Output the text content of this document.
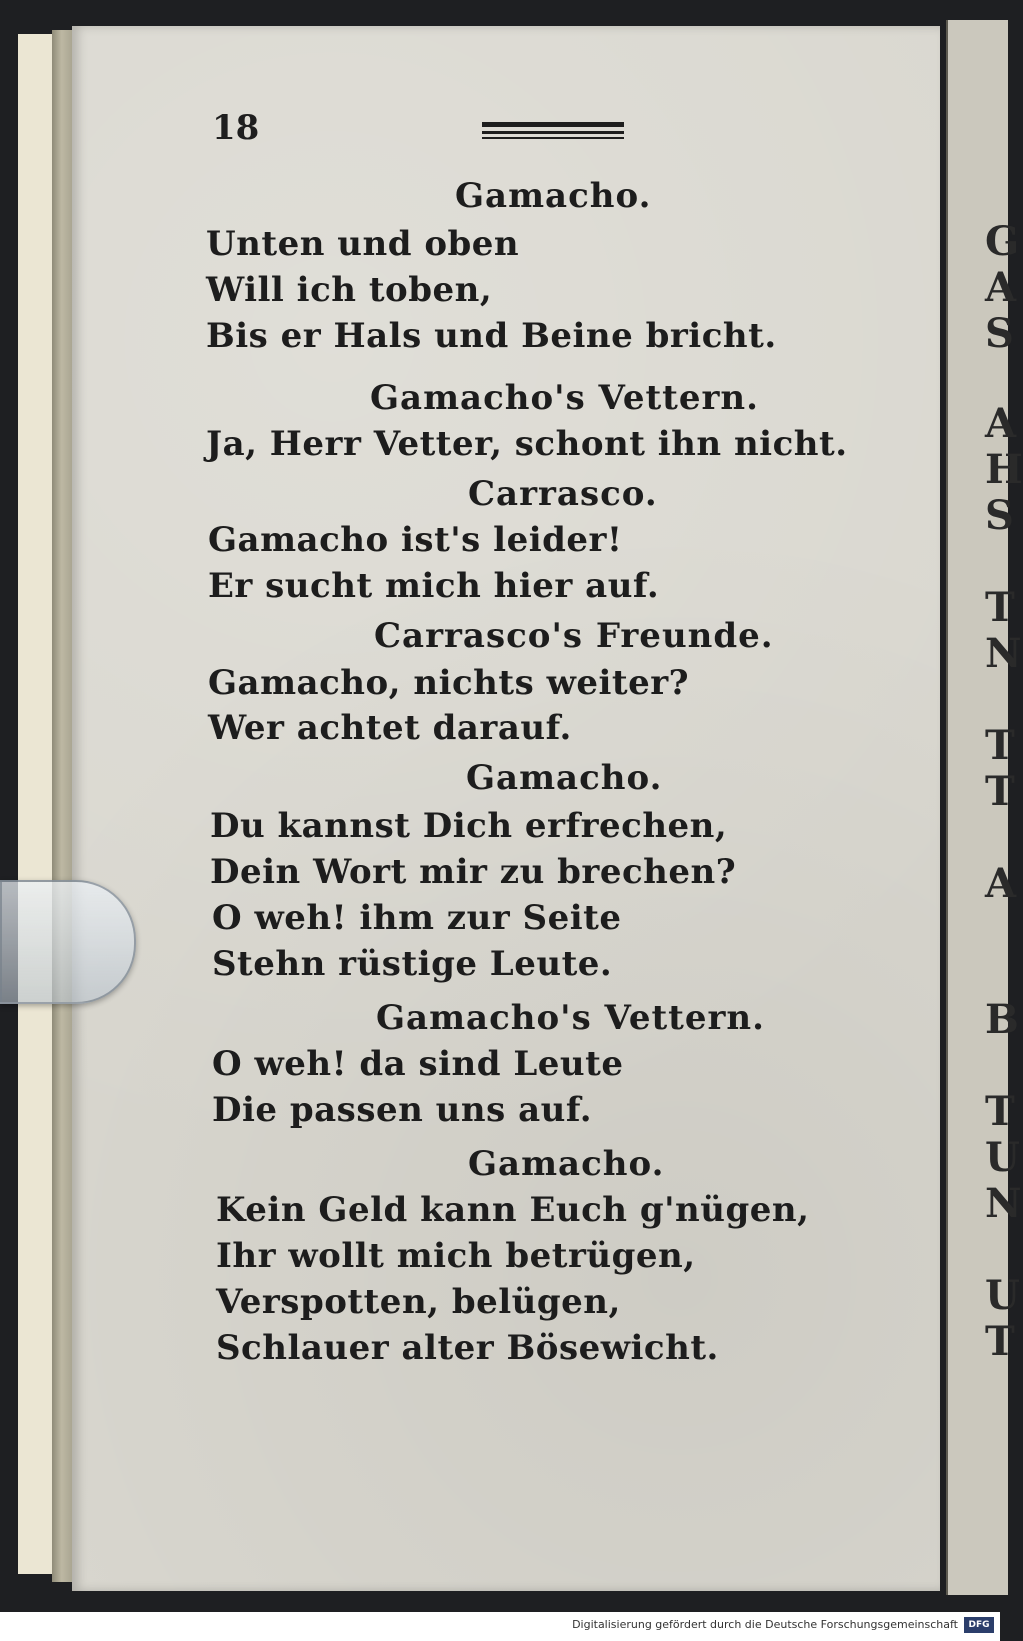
18
Gamacho.
Unten und oben
Will ich toben,
Bis er Hals und Beine bricht.
Gamacho's Vettern.
Ja, Herr Vetter, schont ihn nicht.
Carrasco.
Gamacho ist's leider!
Er sucht mich hier auf.
Carrasco's Freunde.
Gamacho, nichts weiter?
Wer achtet darauf.
Gamacho.
Du kannst Dich erfrechen,
Dein Wort mir zu brechen?
O weh! ihm zur Seite
Stehn rüstige Leute.
Gamacho's Vettern.
O weh! da sind Leute
Die passen uns auf.
Gamacho.
Kein Geld kann Euch g'nügen,
Ihr wollt mich betrügen,
Verspotten, belügen,
Schlauer alter Bösewicht.
G
A
S
A
H
S
T
N
T
T
A
B
T
U
N
U
T
Digitalisierung gefördert durch die Deutsche Forschungsgemeinschaft	DFG
